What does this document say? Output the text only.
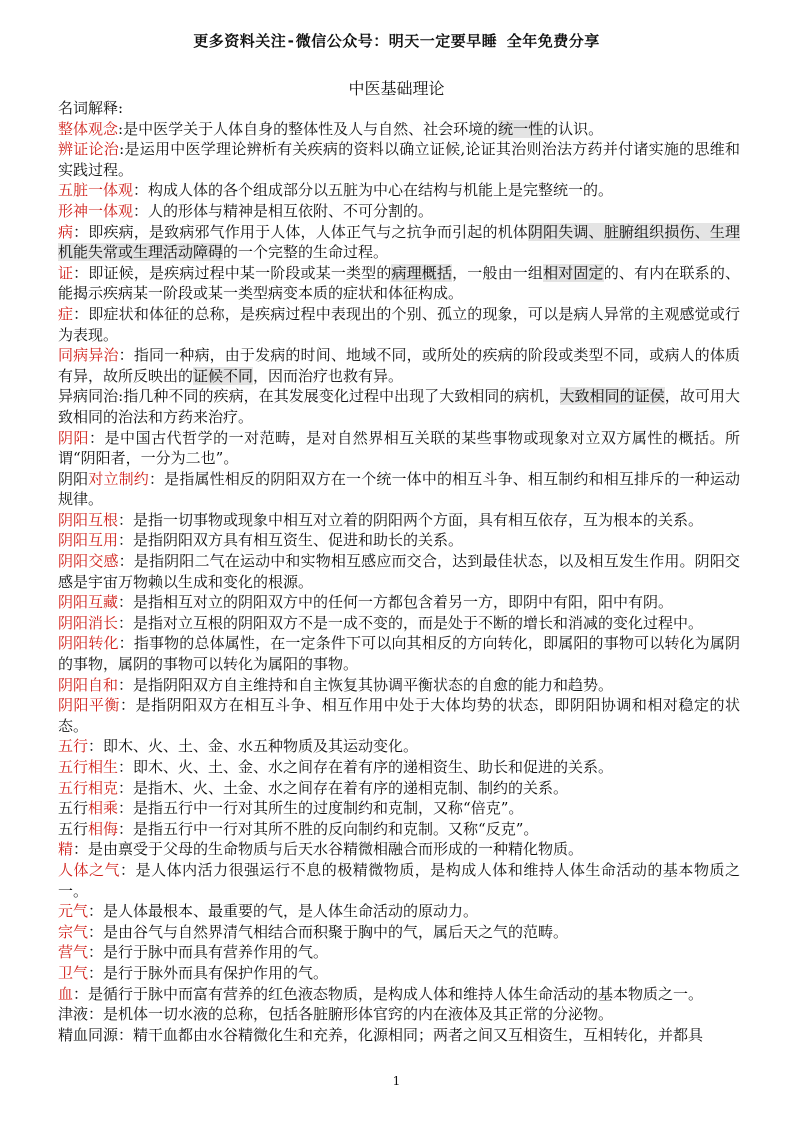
更多资料关注-微信公众号：明天一定要早睡 全年免费分享
中医基础理论

名词解释:

整体观念:是中医学关于人体自身的整体性及人与自然、社会环境的统一性的认识。

辨证论治:是运用中医学理论辨析有关疾病的资料以确立证候,论证其治则治法方药并付诸实施的思维和实践过程。

五脏一体观：构成人体的各个组成部分以五脏为中心在结构与机能上是完整统一的。

形神一体观：人的形体与精神是相互依附、不可分割的。

病：即疾病，是致病邪气作用于人体，人体正气与之抗争而引起的机体阴阳失调、脏腑组织损伤、生理机能失常或生理活动障碍的一个完整的生命过程。

证：即证候，是疾病过程中某一阶段或某一类型的病理概括，一般由一组相对固定的、有内在联系的、能揭示疾病某一阶段或某一类型病变本质的症状和体征构成。

症：即症状和体征的总称，是疾病过程中表现出的个别、孤立的现象，可以是病人异常的主观感觉或行为表现。

同病异治：指同一种病，由于发病的时间、地域不同，或所处的疾病的阶段或类型不同，或病人的体质有异，故所反映出的证候不同，因而治疗也救有异。

异病同治:指几种不同的疾病，在其发展变化过程中出现了大致相同的病机，大致相同的证侯，故可用大致相同的治法和方药来治疗。

阴阳：是中国古代哲学的一对范畴，是对自然界相互关联的某些事物或现象对立双方属性的概括。所谓“阴阳者，一分为二也”。

阴阳对立制约：是指属性相反的阴阳双方在一个统一体中的相互斗争、相互制约和相互排斥的一种运动规律。

阴阳互根：是指一切事物或现象中相互对立着的阴阳两个方面，具有相互依存，互为根本的关系。

阴阳互用：是指阴阳双方具有相互资生、促进和助长的关系。

阴阳交感：是指阴阳二气在运动中和实物相互感应而交合，达到最佳状态，以及相互发生作用。阴阳交感是宇宙万物赖以生成和变化的根源。

阴阳互藏：是指相互对立的阴阳双方中的任何一方都包含着另一方，即阴中有阳，阳中有阴。

阴阳消长：是指对立互根的阴阳双方不是一成不变的，而是处于不断的增长和消减的变化过程中。

阴阳转化：指事物的总体属性，在一定条件下可以向其相反的方向转化，即属阳的事物可以转化为属阴的事物，属阴的事物可以转化为属阳的事物。

阴阳自和：是指阴阳双方自主维持和自主恢复其协调平衡状态的自愈的能力和趋势。

阴阳平衡：是指阴阳双方在相互斗争、相互作用中处于大体均势的状态，即阴阳协调和相对稳定的状态。

五行：即木、火、土、金、水五种物质及其运动变化。

五行相生：即木、火、土、金、水之间存在着有序的递相资生、助长和促进的关系。

五行相克：是指木、火、土金、水之间存在着有序的递相克制、制约的关系。

五行相乘：是指五行中一行对其所生的过度制约和克制，又称“倍克”。

五行相侮：是指五行中一行对其所不胜的反向制约和克制。又称“反克”。

精：是由禀受于父母的生命物质与后天水谷精微相融合而形成的一种精化物质。

人体之气：是人体内活力很强运行不息的极精微物质，是构成人体和维持人体生命活动的基本物质之一。

元气：是人体最根本、最重要的气，是人体生命活动的原动力。

宗气：是由谷气与自然界清气相结合而积聚于胸中的气，属后天之气的范畴。

营气：是行于脉中而具有营养作用的气。

卫气：是行于脉外而具有保护作用的气。

血：是循行于脉中而富有营养的红色液态物质，是构成人体和维持人体生命活动的基本物质之一。

津液：是机体一切水液的总称，包括各脏腑形体官窍的内在液体及其正常的分泌物。

精血同源：精干血都由水谷精微化生和充养，化源相同；两者之间又互相资生，互相转化，并都具

1
